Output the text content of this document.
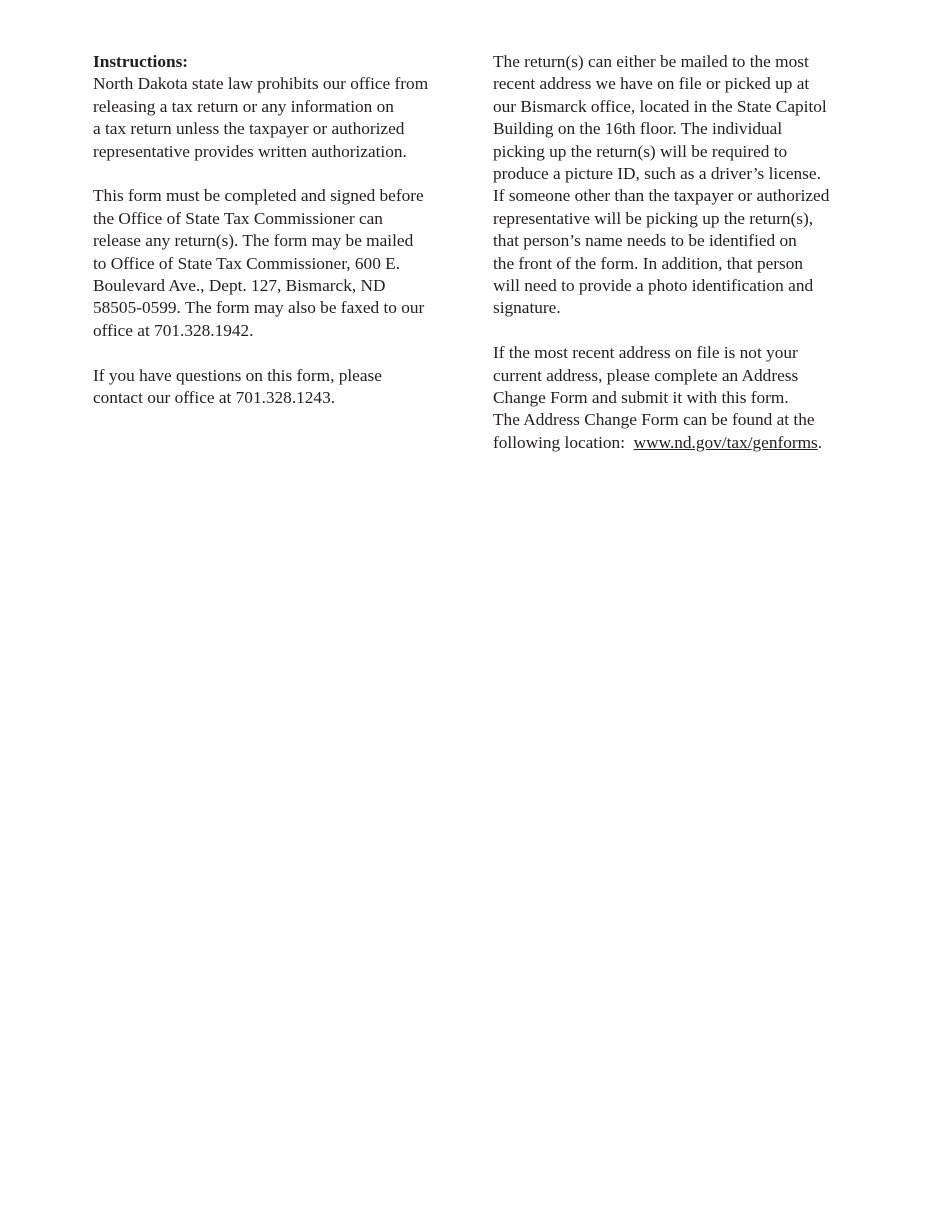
Instructions:
North Dakota state law prohibits our office from
releasing a tax return or any information on
a tax return unless the taxpayer or authorized
representative provides written authorization.
This form must be completed and signed before
the Office of State Tax Commissioner can
release any return(s). The form may be mailed
to Office of State Tax Commissioner, 600 E.
Boulevard Ave., Dept. 127, Bismarck, ND
58505-0599. The form may also be faxed to our
office at 701.328.1942.
If you have questions on this form, please
contact our office at 701.328.1243.
The return(s) can either be mailed to the most
recent address we have on file or picked up at
our Bismarck office, located in the State Capitol
Building on the 16th floor. The individual
picking up the return(s) will be required to
produce a picture ID, such as a driver’s license.
If someone other than the taxpayer or authorized
representative will be picking up the return(s),
that person’s name needs to be identified on
the front of the form. In addition, that person
will need to provide a photo identification and
signature.
If the most recent address on file is not your
current address, please complete an Address
Change Form and submit it with this form.
The Address Change Form can be found at the
following location:  www.nd.gov/tax/genforms.
